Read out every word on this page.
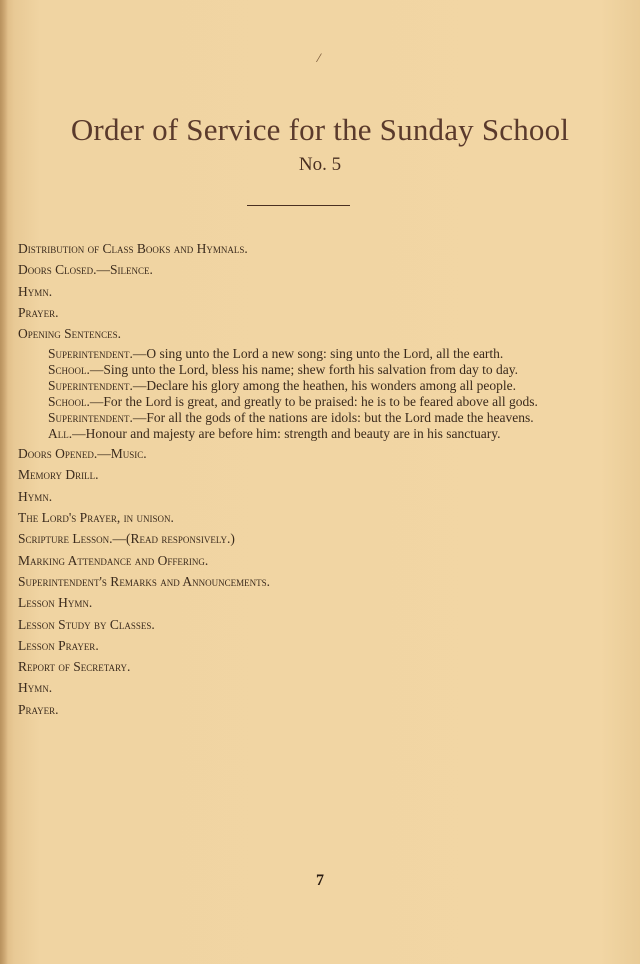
⁄
Order of Service for the Sunday School
No. 5
Distribution of Class Books and Hymnals.
Doors Closed.—Silence.
Hymn.
Prayer.
Opening Sentences.
Superintendent.—O sing unto the Lord a new song: sing unto the Lord, all the earth.
School.—Sing unto the Lord, bless his name; shew forth his salvation from day to day.
Superintendent.—Declare his glory among the heathen, his wonders among all people.
School.—For the Lord is great, and greatly to be praised: he is to be feared above all gods.
Superintendent.—For all the gods of the nations are idols: but the Lord made the heavens.
All.—Honour and majesty are before him: strength and beauty are in his sanctuary.
Doors Opened.—Music.
Memory Drill.
Hymn.
The Lord's Prayer, in unison.
Scripture Lesson.—(Read responsively.)
Marking Attendance and Offering.
Superintendent's Remarks and Announcements.
Lesson Hymn.
Lesson Study by Classes.
Lesson Prayer.
Report of Secretary.
Hymn.
Prayer.

7
